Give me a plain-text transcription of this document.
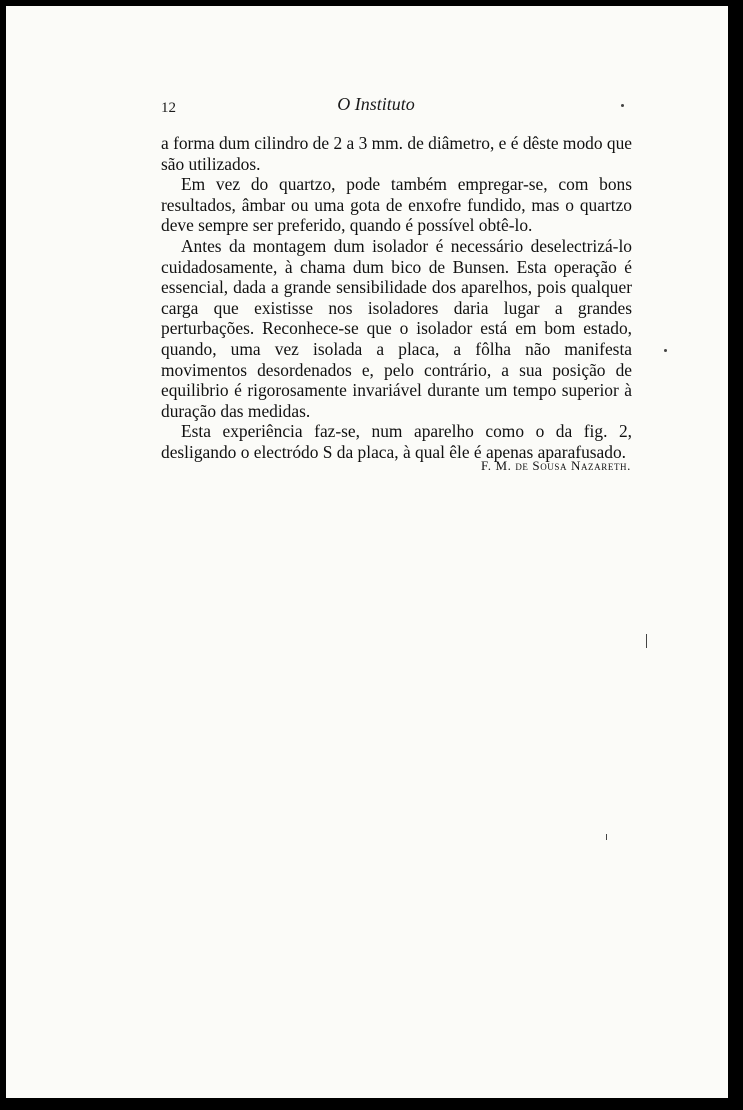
12	O Instituto

a forma dum cilindro de 2 a 3 mm. de diâmetro, e é dêste modo que são utilizados.

Em vez do quartzo, pode também empregar-se, com bons resultados, âmbar ou uma gota de enxofre fundido, mas o quartzo deve sempre ser preferido, quando é possível obtê-lo.

Antes da montagem dum isolador é necessário deselectrizá-lo cuidadosamente, à chama dum bico de Bunsen. Esta operação é essencial, dada a grande sensibilidade dos aparelhos, pois qualquer carga que existisse nos isoladores daria lugar a grandes perturbações. Reconhece-se que o isolador está em bom estado, quando, uma vez isolada a placa, a fôlha não manifesta movimentos desordenados e, pelo contrário, a sua posição de equilibrio é rigorosamente invariável durante um tempo superior à duração das medidas.

Esta experiência faz-se, num aparelho como o da fig. 2, desligando o electródo S da placa, à qual êle é apenas aparafusado.

F. M. de Sousa Nazareth.
